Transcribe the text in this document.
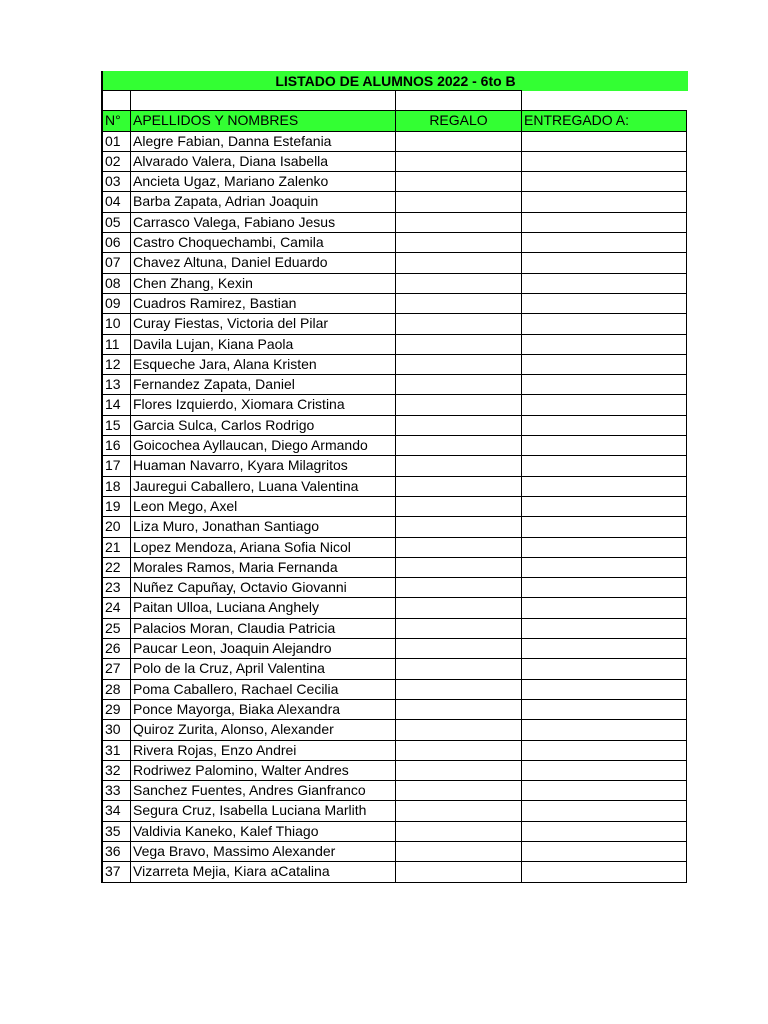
LISTADO DE ALUMNOS 2022 - 6to B
N° APELLIDOS Y NOMBRES	REGALO	ENTREGADO A:
01 Alegre Fabian, Danna Estefania
02 Alvarado Valera, Diana Isabella
03 Ancieta Ugaz, Mariano Zalenko
04 Barba Zapata, Adrian Joaquin
05 Carrasco Valega, Fabiano Jesus
06 Castro Choquechambi, Camila
07 Chavez Altuna, Daniel Eduardo
08 Chen Zhang, Kexin
09 Cuadros Ramirez, Bastian
10 Curay Fiestas, Victoria del Pilar
11 Davila Lujan, Kiana Paola
12 Esqueche Jara, Alana Kristen
13 Fernandez Zapata, Daniel
14 Flores Izquierdo, Xiomara Cristina
15 Garcia Sulca, Carlos Rodrigo
16 Goicochea Ayllaucan, Diego Armando
17 Huaman Navarro, Kyara Milagritos
18 Jauregui Caballero, Luana Valentina
19 Leon Mego, Axel
20 Liza Muro, Jonathan Santiago
21 Lopez Mendoza, Ariana Sofia Nicol
22 Morales Ramos, Maria Fernanda
23 Nuñez Capuñay, Octavio Giovanni
24 Paitan Ulloa, Luciana Anghely
25 Palacios Moran, Claudia Patricia
26 Paucar Leon, Joaquin Alejandro
27 Polo de la Cruz, April Valentina
28 Poma Caballero, Rachael Cecilia
29 Ponce Mayorga, Biaka Alexandra
30 Quiroz Zurita, Alonso, Alexander
31 Rivera Rojas, Enzo Andrei
32 Rodriwez Palomino, Walter Andres
33 Sanchez Fuentes, Andres Gianfranco
34 Segura Cruz, Isabella Luciana Marlith
35 Valdivia Kaneko, Kalef Thiago
36 Vega Bravo, Massimo Alexander
37 Vizarreta Mejia, Kiara aCatalina
